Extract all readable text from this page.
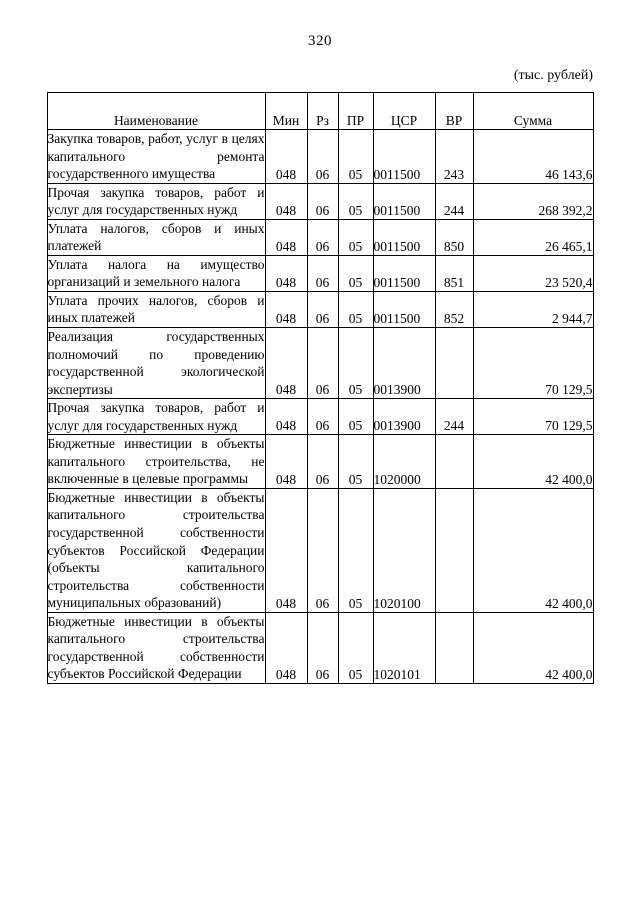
320
(тыс. рублей)
Наименование	Мин	Рз	ПР	ЦСР	ВР	Сумма
Закупка товаров, работ, услуг в целях капитального ремонта государственного имущества	048	06	05	0011500	243	46 143,6
Прочая закупка товаров, работ и услуг для государственных нужд	048	06	05	0011500	244	268 392,2
Уплата налогов, сборов и иных платежей	048	06	05	0011500	850	26 465,1
Уплата налога на имущество организаций и земельного налога	048	06	05	0011500	851	23 520,4
Уплата прочих налогов, сборов и иных платежей	048	06	05	0011500	852	2 944,7
Реализация государственных полномочий по проведению государственной экологической экспертизы	048	06	05	0013900		70 129,5
Прочая закупка товаров, работ и услуг для государственных нужд	048	06	05	0013900	244	70 129,5
Бюджетные инвестиции в объекты капитального строительства, не включенные в целевые программы	048	06	05	1020000		42 400,0
Бюджетные инвестиции в объекты капитального строительства государственной собственности субъектов Российской Федерации (объекты капитального строительства собственности муниципальных образований)	048	06	05	1020100		42 400,0
Бюджетные инвестиции в объекты капитального строительства государственной собственности субъектов Российской Федерации	048	06	05	1020101		42 400,0
